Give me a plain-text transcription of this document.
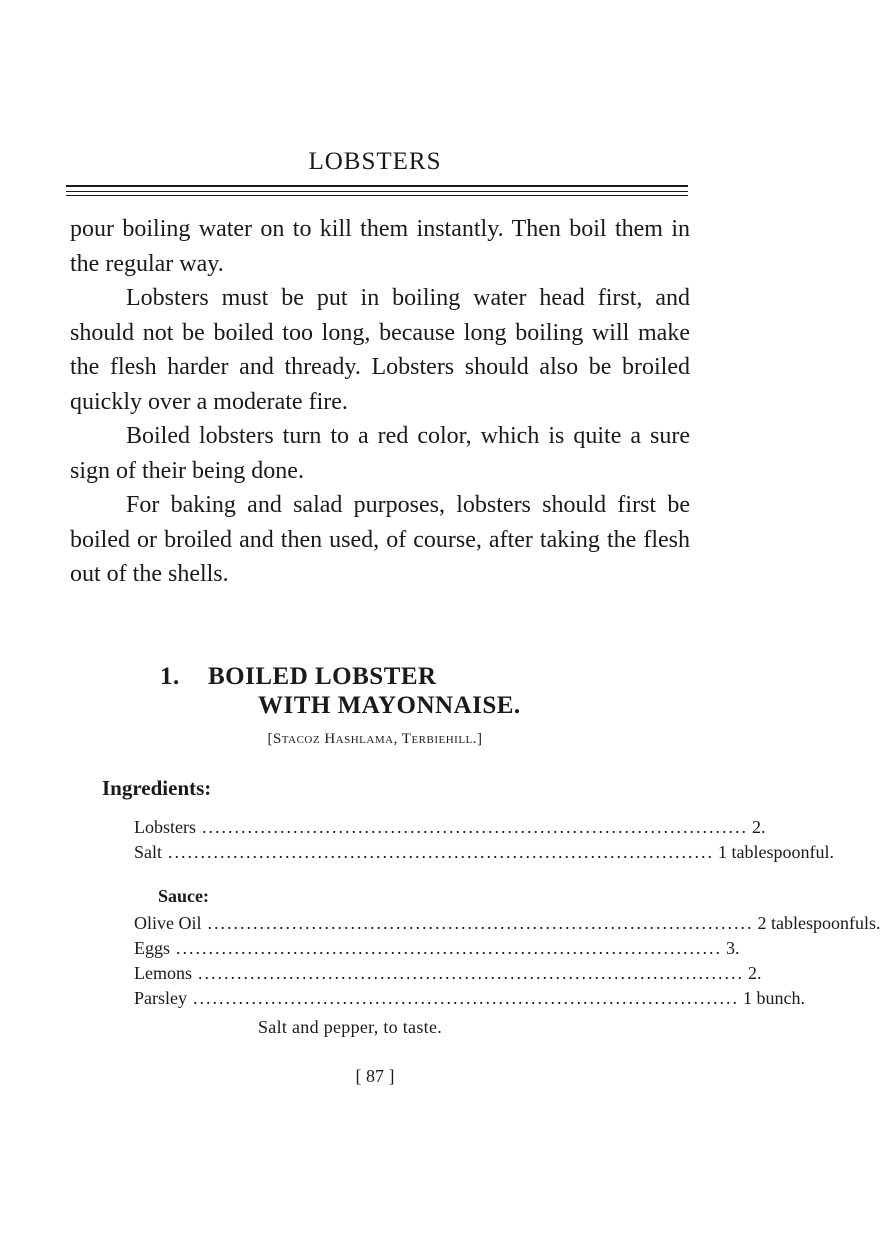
LOBSTERS

pour boiling water on to kill them instantly. Then boil them in the regular way.

Lobsters must be put in boiling water head first, and should not be boiled too long, because long boiling will make the flesh harder and thready. Lobsters should also be broiled quickly over a moderate fire.

Boiled lobsters turn to a red color, which is quite a sure sign of their being done.

For baking and salad purposes, lobsters should first be boiled or broiled and then used, of course, after taking the flesh out of the shells.

1. BOILED LOBSTER
WITH MAYONNAISE.
[Stacoz Hashlama, Terbiehill.]
Ingredients:
Lobsters .................................................................................... 2.
Salt .................................................................................... 1 tablespoonful.
Sauce:
Olive Oil .................................................................................... 2 tablespoonfuls.
Eggs .................................................................................... 3.
Lemons .................................................................................... 2.
Parsley .................................................................................... 1 bunch.
Salt and pepper, to taste.
[ 87 ]
